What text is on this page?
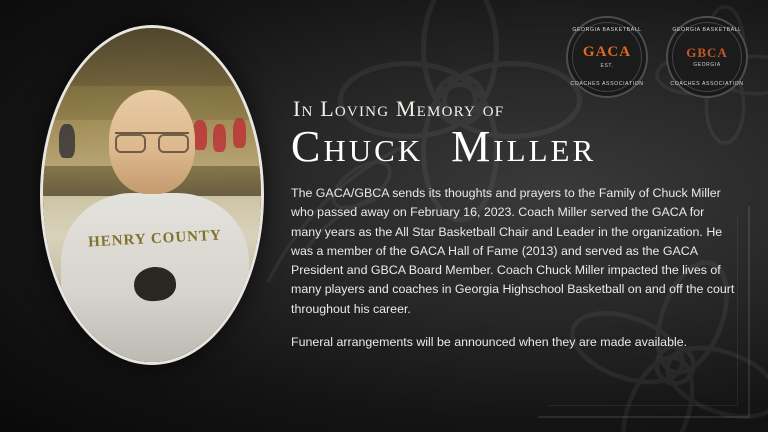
HENRY COUNTY
GEORGIA BASKETBALL
GACA
EST.
COACHES ASSOCIATION
GEORGIA BASKETBALL
GBCA
GEORGIA
COACHES ASSOCIATION
In Loving Memory of
Chuck  Miller

The GACA/GBCA sends its thoughts and prayers to the Family of Chuck Miller who passed away on February 16, 2023. Coach Miller served the GACA for many years as the All Star Basketball Chair and Leader in the organization. He was a member of the GACA Hall of Fame (2013) and served as the GACA President and GBCA Board Member. Coach Chuck Miller impacted the lives of many players and coaches in Georgia Highschool Basketball on and off the court throughout his career.

Funeral arrangements will be announced when they are made available.
